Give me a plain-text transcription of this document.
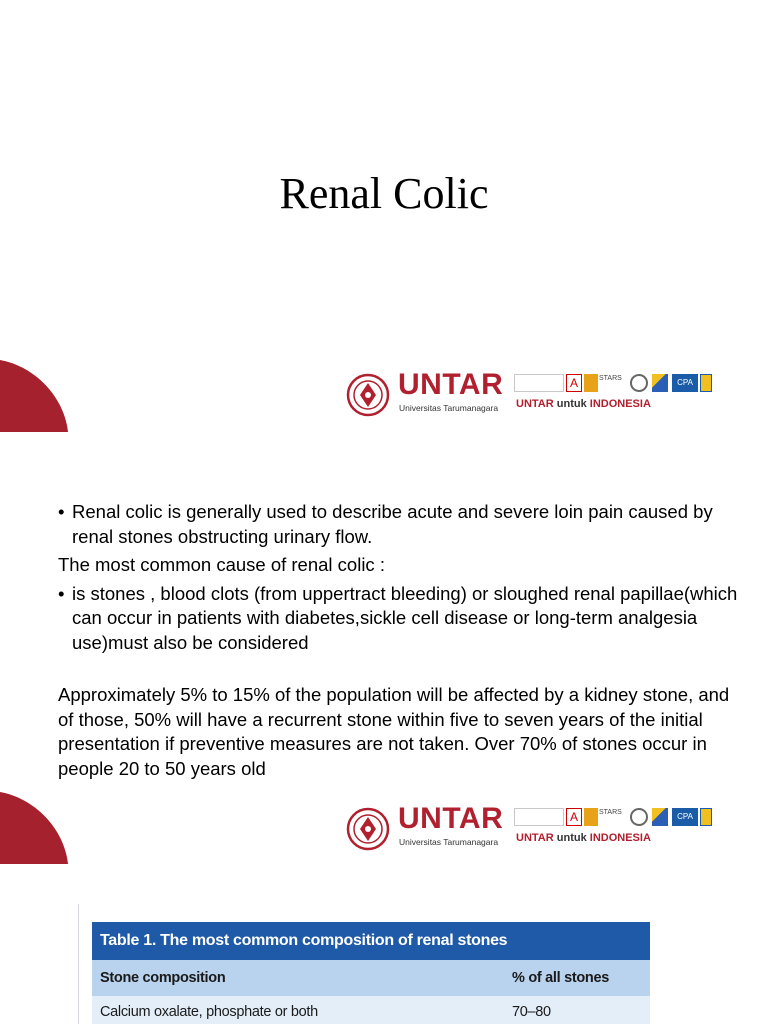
Renal Colic
UNTAR
Universitas Tarumanagara
A	STARS	CPA
UNTAR untuk INDONESIA
• Renal colic is generally used to describe acute and severe loin pain caused by renal stones obstructing urinary flow.
The most common cause of renal colic :
• is stones , blood clots (from uppertract bleeding) or sloughed renal papillae(which can occur in patients with diabetes,sickle cell disease or long-term analgesia use)must also be considered
Approximately 5% to 15% of the population will be affected by a kidney stone, and of those, 50% will have a recurrent stone within five to seven years of the initial presentation if preventive measures are not taken. Over 70% of stones occur in people 20 to 50 years old
UNTAR
Universitas Tarumanagara
A	STARS	CPA
UNTAR untuk INDONESIA
Table 1. The most common composition of renal stones
Stone composition	% of all stones
Calcium oxalate, phosphate or both	70–80
